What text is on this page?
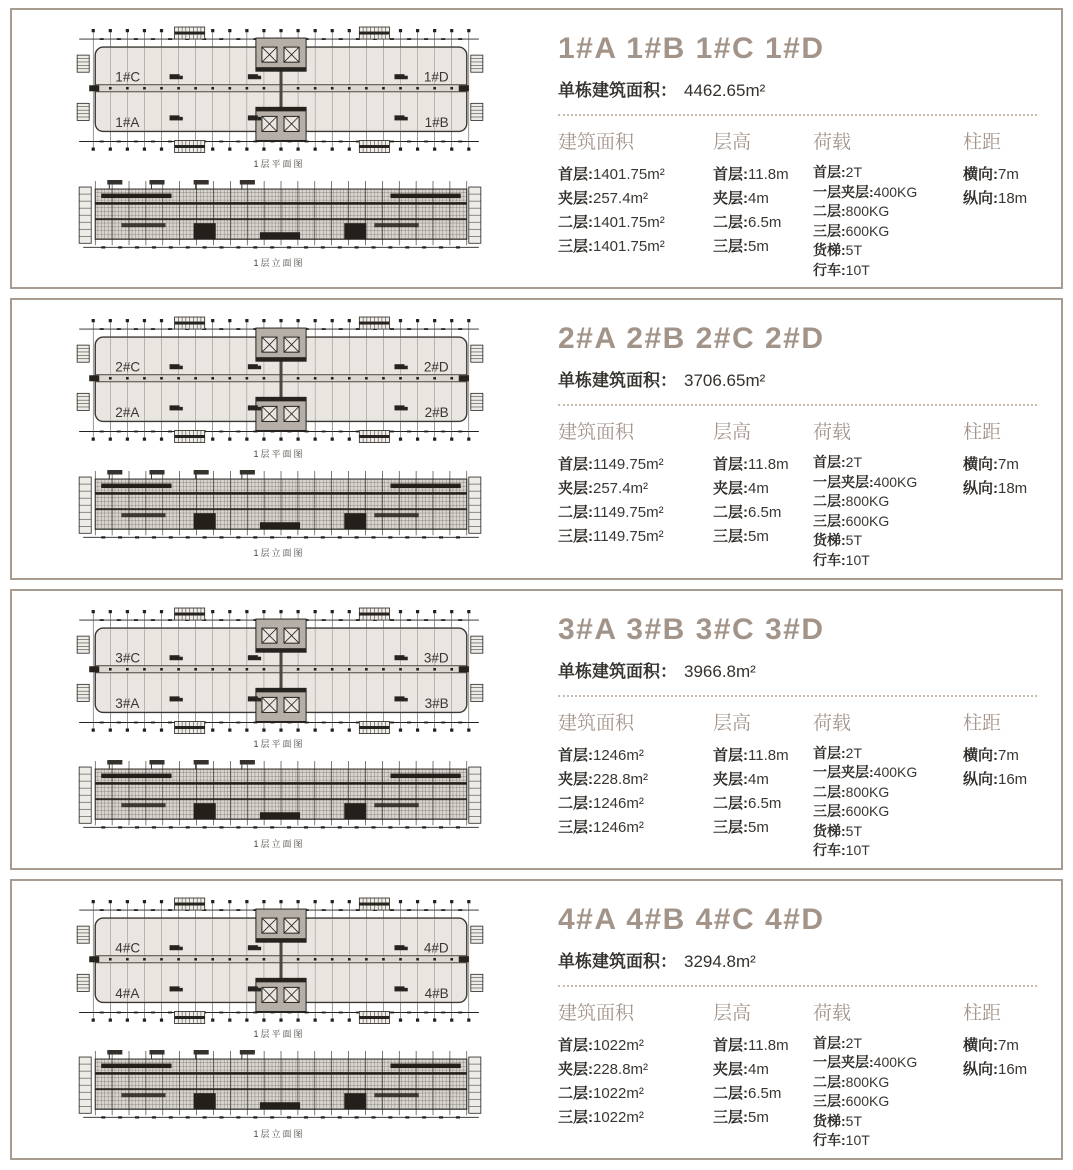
1#C
1#A
1#D
1#B
1层平面图
1层立面图
1#A 1#B 1#C 1#D
单栋建筑面积： 4462.65m²
建筑面积
首层:1401.75m²
夹层:257.4m²
二层:1401.75m²
三层:1401.75m²
层高
首层:11.8m
夹层:4m
二层:6.5m
三层:5m
荷载
首层:2T
一层夹层:400KG
二层:800KG
三层:600KG
货梯:5T
行车:10T
柱距
横向:7m
纵向:18m
2#C
2#A
2#D
2#B
1层平面图
1层立面图
2#A 2#B 2#C 2#D
单栋建筑面积： 3706.65m²
建筑面积
首层:1149.75m²
夹层:257.4m²
二层:1149.75m²
三层:1149.75m²
层高
首层:11.8m
夹层:4m
二层:6.5m
三层:5m
荷载
首层:2T
一层夹层:400KG
二层:800KG
三层:600KG
货梯:5T
行车:10T
柱距
横向:7m
纵向:18m
3#C
3#A
3#D
3#B
1层平面图
1层立面图
3#A 3#B 3#C 3#D
单栋建筑面积： 3966.8m²
建筑面积
首层:1246m²
夹层:228.8m²
二层:1246m²
三层:1246m²
层高
首层:11.8m
夹层:4m
二层:6.5m
三层:5m
荷载
首层:2T
一层夹层:400KG
二层:800KG
三层:600KG
货梯:5T
行车:10T
柱距
横向:7m
纵向:16m
4#C
4#A
4#D
4#B
1层平面图
1层立面图
4#A 4#B 4#C 4#D
单栋建筑面积： 3294.8m²
建筑面积
首层:1022m²
夹层:228.8m²
二层:1022m²
三层:1022m²
层高
首层:11.8m
夹层:4m
二层:6.5m
三层:5m
荷载
首层:2T
一层夹层:400KG
二层:800KG
三层:600KG
货梯:5T
行车:10T
柱距
横向:7m
纵向:16m
